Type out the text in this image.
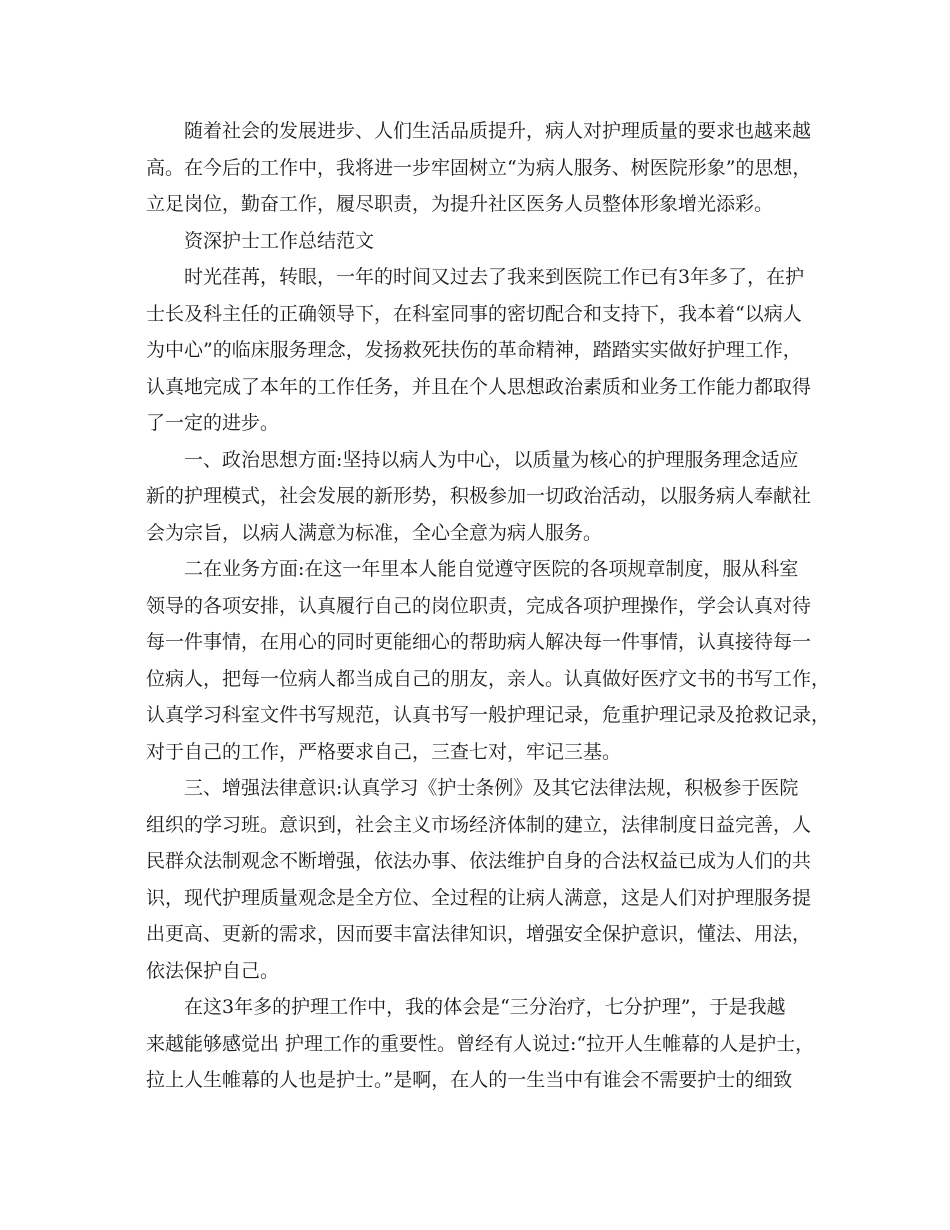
随着社会的发展进步、人们生活品质提升，病人对护理质量的要求也越来越
高。在今后的工作中，我将进一步牢固树立“为病人服务、树医院形象”的思想，
立足岗位，勤奋工作，履尽职责，为提升社区医务人员整体形象增光添彩。
资深护士工作总结范文
时光荏苒，转眼，一年的时间又过去了我来到医院工作已有3年多了，在护
士长及科主任的正确领导下，在科室同事的密切配合和支持下，我本着“以病人
为中心”的临床服务理念，发扬救死扶伤的革命精神，踏踏实实做好护理工作，
认真地完成了本年的工作任务，并且在个人思想政治素质和业务工作能力都取得
了一定的进步。
一、政治思想方面:坚持以病人为中心，以质量为核心的护理服务理念适应
新的护理模式，社会发展的新形势，积极参加一切政治活动，以服务病人奉献社
会为宗旨，以病人满意为标准，全心全意为病人服务。
二在业务方面:在这一年里本人能自觉遵守医院的各项规章制度，服从科室
领导的各项安排，认真履行自己的岗位职责，完成各项护理操作，学会认真对待
每一件事情，在用心的同时更能细心的帮助病人解决每一件事情，认真接待每一
位病人，把每一位病人都当成自己的朋友，亲人。认真做好医疗文书的书写工作，
认真学习科室文件书写规范，认真书写一般护理记录，危重护理记录及抢救记录，
对于自己的工作，严格要求自己，三查七对，牢记三基。
三、增强法律意识:认真学习《护士条例》及其它法律法规，积极参于医院
组织的学习班。意识到，社会主义市场经济体制的建立，法律制度日益完善，人
民群众法制观念不断增强，依法办事、依法维护自身的合法权益已成为人们的共
识，现代护理质量观念是全方位、全过程的让病人满意，这是人们对护理服务提
出更高、更新的需求，因而要丰富法律知识，增强安全保护意识，懂法、用法，
依法保护自己。
在这3年多的护理工作中，我的体会是“三分治疗，七分护理”，于是我越
来越能够感觉出 护理工作的重要性。曾经有人说过:“拉开人生帷幕的人是护士，
拉上人生帷幕的人也是护士。”是啊，在人的一生当中有谁会不需要护士的细致
